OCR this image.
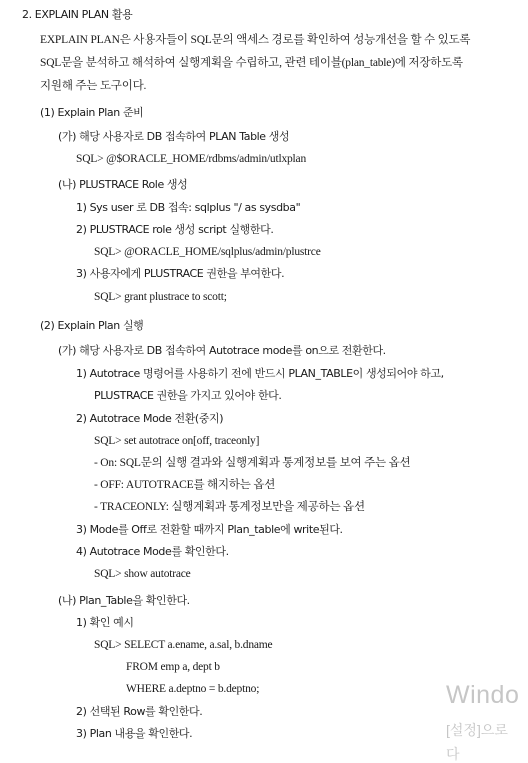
2. EXPLAIN PLAN 활용
EXPLAIN PLAN은 사용자들이 SQL문의 액세스 경로를 확인하여 성능개선을 할 수 있도록
SQL문을 분석하고 해석하여 실행계획을 수립하고, 관련 테이블(plan_table)에 저장하도록
지원해 주는 도구이다.
(1) Explain Plan 준비
(가) 해당 사용자로 DB 접속하여 PLAN Table 생성
SQL> @$ORACLE_HOME/rdbms/admin/utlxplan
(나) PLUSTRACE Role 생성
1) Sys user 로 DB 접속: sqlplus "/ as sysdba"
2) PLUSTRACE role 생성 script 실행한다.
SQL> @ORACLE_HOME/sqlplus/admin/plustrce
3) 사용자에게 PLUSTRACE 권한을 부여한다.
SQL> grant plustrace to scott;
(2) Explain Plan 실행
(가) 해당 사용자로 DB 접속하여 Autotrace mode를 on으로 전환한다.
1) Autotrace 명령어를 사용하기 전에 반드시 PLAN_TABLE이 생성되어야 하고,
PLUSTRACE 권한을 가지고 있어야 한다.
2) Autotrace Mode 전환(중지)
SQL> set autotrace on[off, traceonly]
- On: SQL문의 실행 결과와 실행계획과 통계정보를 보여 주는 옵션
- OFF: AUTOTRACE를 해지하는 옵션
- TRACEONLY: 실행계획과 통계정보만을 제공하는 옵션
3) Mode를 Off로 전환할 때까지 Plan_table에 write된다.
4) Autotrace Mode를 확인한다.
SQL> show autotrace
(나) Plan_Table을 확인한다.
1) 확인 예시
SQL> SELECT a.ename, a.sal, b.dname
FROM emp a, dept b
WHERE a.deptno = b.deptno;
2) 선택된 Row를 확인한다.
3) Plan 내용을 확인한다.
Windo
[설정]으로
다
